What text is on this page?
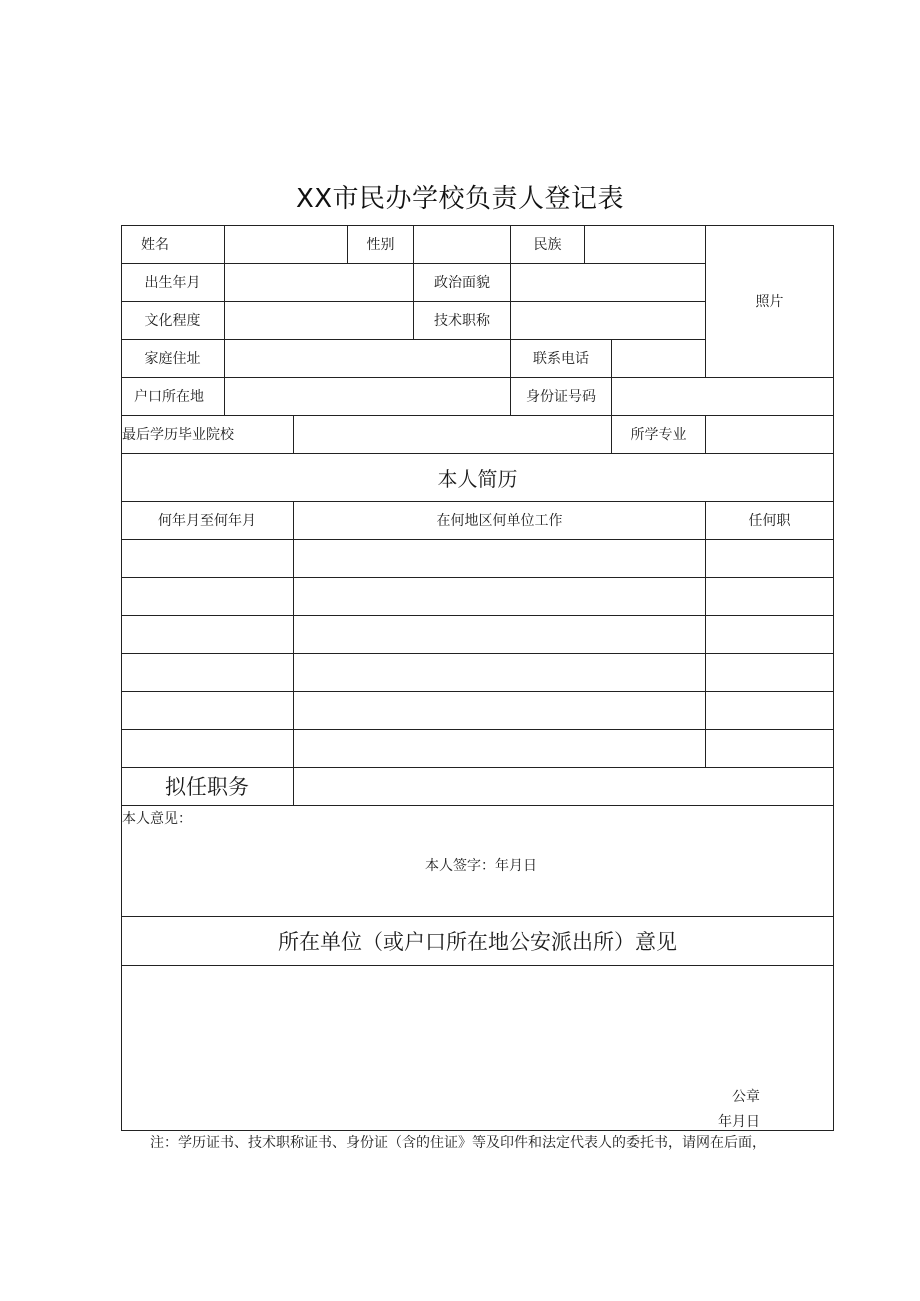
XX市民办学校负责人登记表
姓名	性别	民族
照片
出生年月	政治面貌
文化程度	技术职称
家庭住址	联系电话
户口所在地	身份证号码
最后学历毕业院校	所学专业
本人简历
何年月至何年月	在何地区何单位工作	任何职
拟任职务
本人意见：
本人签字：年月日
所在单位（或户口所在地公安派出所）意见
公章
年月日
注：学历证书、技术职称证书、身份证（含的住证》等及印件和法定代表人的委托书，请网在后面，
